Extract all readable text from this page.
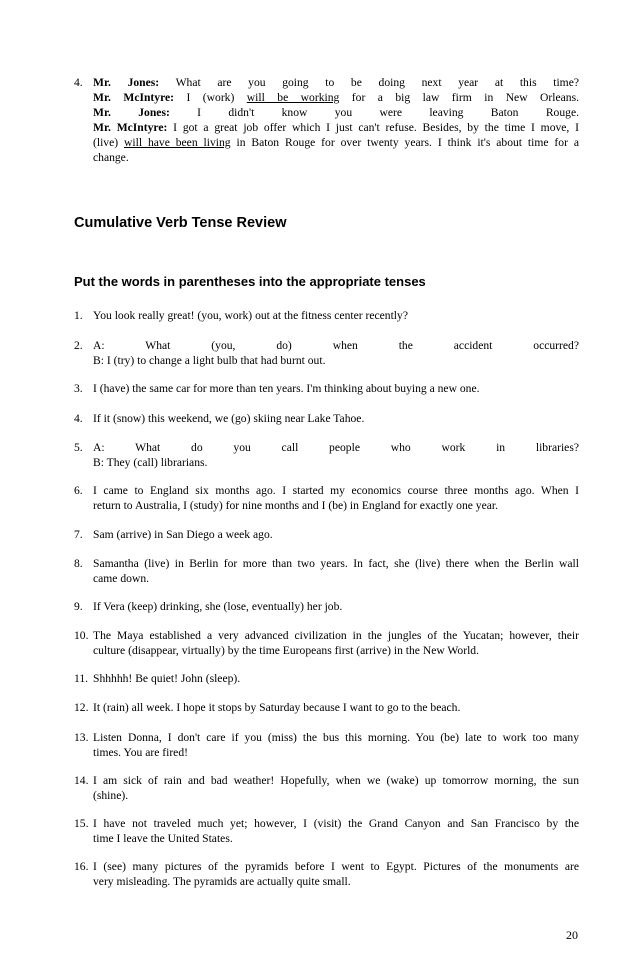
4. Mr. Jones: What are you going to be doing next year at this time?
Mr. McIntyre: I (work) will be working for a big law firm in New Orleans.
Mr. Jones: I didn't know you were leaving Baton Rouge.
Mr. McIntyre: I got a great job offer which I just can't refuse. Besides, by the time I move, I
(live) will have been living in Baton Rouge for over twenty years. I think it's about time for a
change.
Cumulative Verb Tense Review
Put the words in parentheses into the appropriate tenses
1. You look really great! (you, work) out at the fitness center recently?
2. A: What (you, do) when the accident occurred?
B: I (try) to change a light bulb that had burnt out.
3. I (have) the same car for more than ten years. I'm thinking about buying a new one.
4. If it (snow) this weekend, we (go) skiing near Lake Tahoe.
5. A: What do you call people who work in libraries?
B: They (call) librarians.
6. I came to England six months ago. I started my economics course three months ago. When I
return to Australia, I (study) for nine months and I (be) in England for exactly one year.
7. Sam (arrive) in San Diego a week ago.
8. Samantha (live) in Berlin for more than two years. In fact, she (live) there when the Berlin wall
came down.
9. If Vera (keep) drinking, she (lose, eventually) her job.
10. The Maya established a very advanced civilization in the jungles of the Yucatan; however, their
culture (disappear, virtually) by the time Europeans first (arrive) in the New World.
11. Shhhhh! Be quiet! John (sleep).
12. It (rain) all week. I hope it stops by Saturday because I want to go to the beach.
13. Listen Donna, I don't care if you (miss) the bus this morning. You (be) late to work too many
times. You are fired!
14. I am sick of rain and bad weather! Hopefully, when we (wake) up tomorrow morning, the sun
(shine).
15. I have not traveled much yet; however, I (visit) the Grand Canyon and San Francisco by the
time I leave the United States.
16. I (see) many pictures of the pyramids before I went to Egypt. Pictures of the monuments are
very misleading. The pyramids are actually quite small.
20
